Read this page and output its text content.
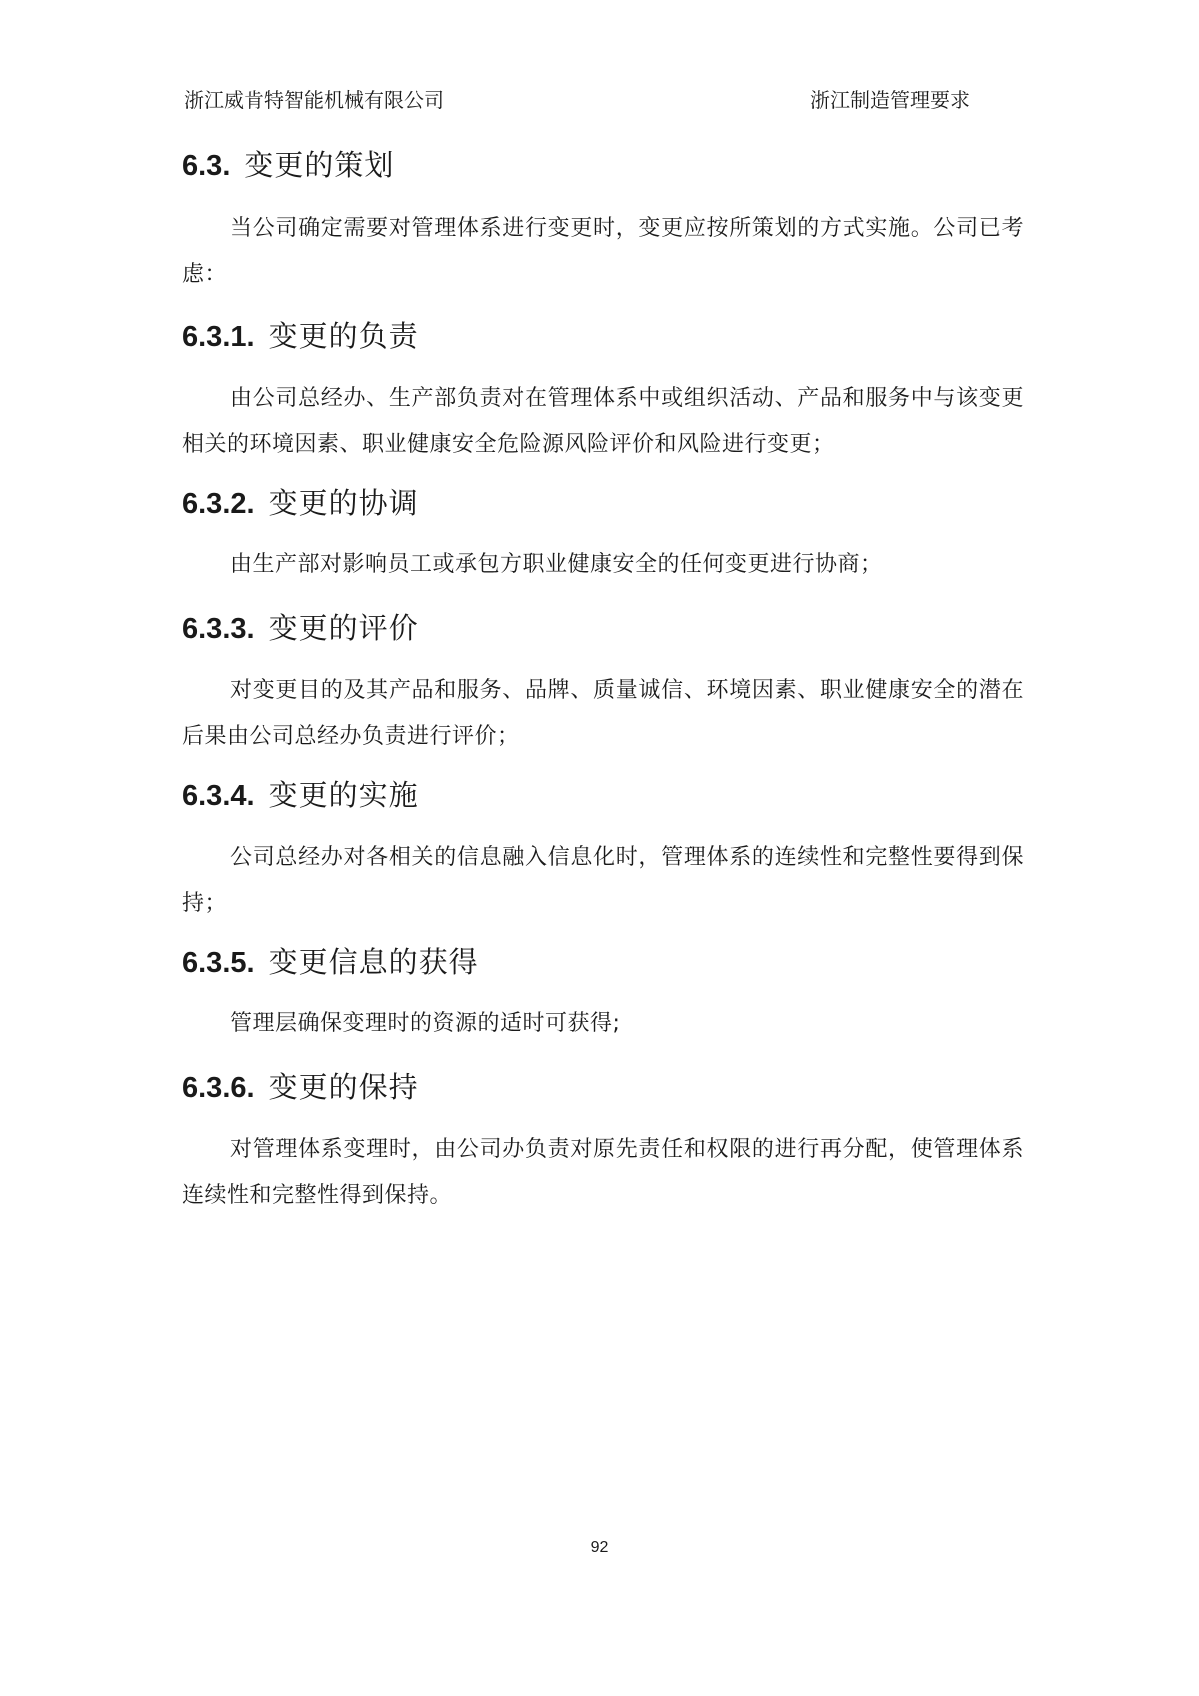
浙江威肯特智能机械有限公司	浙江制造管理要求
6.3. 变更的策划

当公司确定需要对管理体系进行变更时，变更应按所策划的方式实施。公司已考虑：

6.3.1. 变更的负责

由公司总经办、生产部负责对在管理体系中或组织活动、产品和服务中与该变更相关的环境因素、职业健康安全危险源风险评价和风险进行变更；

6.3.2. 变更的协调

由生产部对影响员工或承包方职业健康安全的任何变更进行协商；

6.3.3. 变更的评价

对变更目的及其产品和服务、品牌、质量诚信、环境因素、职业健康安全的潜在后果由公司总经办负责进行评价；

6.3.4. 变更的实施

公司总经办对各相关的信息融入信息化时，管理体系的连续性和完整性要得到保持；

6.3.5. 变更信息的获得

管理层确保变理时的资源的适时可获得;

6.3.6. 变更的保持

对管理体系变理时，由公司办负责对原先责任和权限的进行再分配，使管理体系连续性和完整性得到保持。

92
